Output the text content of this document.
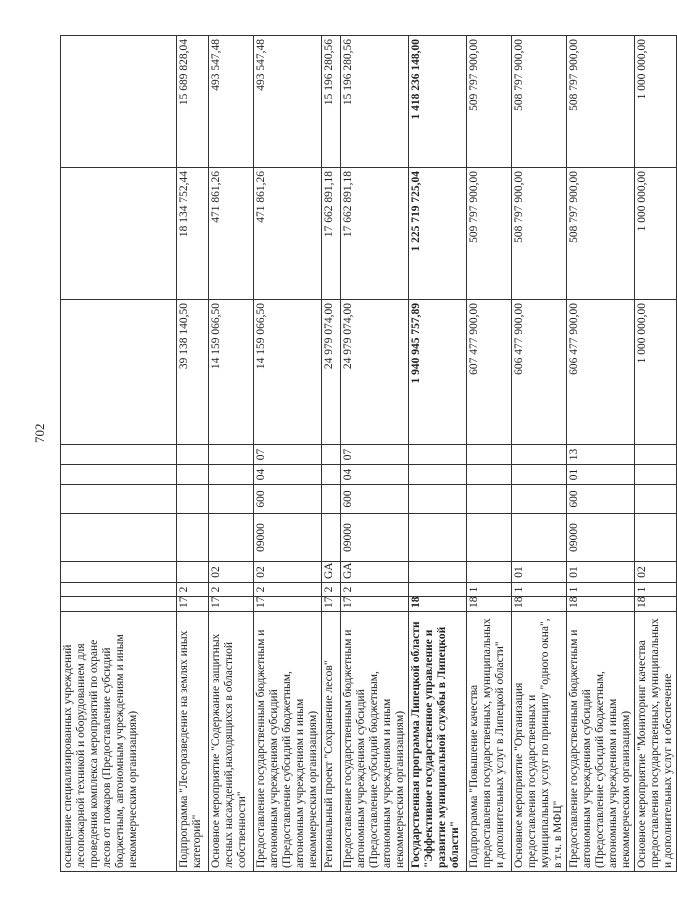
702
оснащение специализированных учреждений лесопожарной техникой и оборудованием для проведения комплекса мероприятий по охране лесов от пожаров (Предоставление субсидий бюджетным, автономным учреждениям и иным некоммерческим организациям)										
Подпрограмма "Лесоразведение на землях иных категорий"	17	2						39 138 140,50	18 134 752,44	15 689 828,04
Основное мероприятие "Содержание защитных лесных насаждений,находящихся в областной собственности"	17	2	02					14 159 066,50	471 861,26	493 547,48
Предоставление государственным бюджетным и автономным учреждениям субсидий (Предоставление субсидий бюджетным, автономным учреждениям и иным некоммерческим организациям)	17	2	02	09000	600	04	07	14 159 066,50	471 861,26	493 547,48
Региональный проект "Сохранение лесов"	17	2	GA					24 979 074,00	17 662 891,18	15 196 280,56
Предоставление государственным бюджетным и автономным учреждениям субсидий (Предоставление субсидий бюджетным, автономным учреждениям и иным некоммерческим организациям)	17	2	GA	09000	600	04	07	24 979 074,00	17 662 891,18	15 196 280,56
Государственная программа Липецкой области "Эффективное государственное управление и развитие муниципальной службы в Липецкой области"	18							1 940 945 757,89	1 225 719 725,04	1 418 236 148,00
Подпрограмма "Повышение качества предоставления государственных, муниципальных и дополнительных услуг в Липецкой области"	18	1						607 477 900,00	509 797 900,00	509 797 900,00
Основное мероприятие "Организация предоставления государственных и муниципальных услуг по принципу "одного окна", в т.ч. в МФЦ"	18	1	01					606 477 900,00	508 797 900,00	508 797 900,00
Предоставление государственным бюджетным и автономным учреждениям субсидий (Предоставление субсидий бюджетным, автономным учреждениям и иным некоммерческим организациям)	18	1	01	09000	600	01	13	606 477 900,00	508 797 900,00	508 797 900,00
Основное мероприятие "Мониторинг качества предоставления государственных, муниципальных и дополнительных услуг и обеспечение	18	1	02					1 000 000,00	1 000 000,00	1 000 000,00
